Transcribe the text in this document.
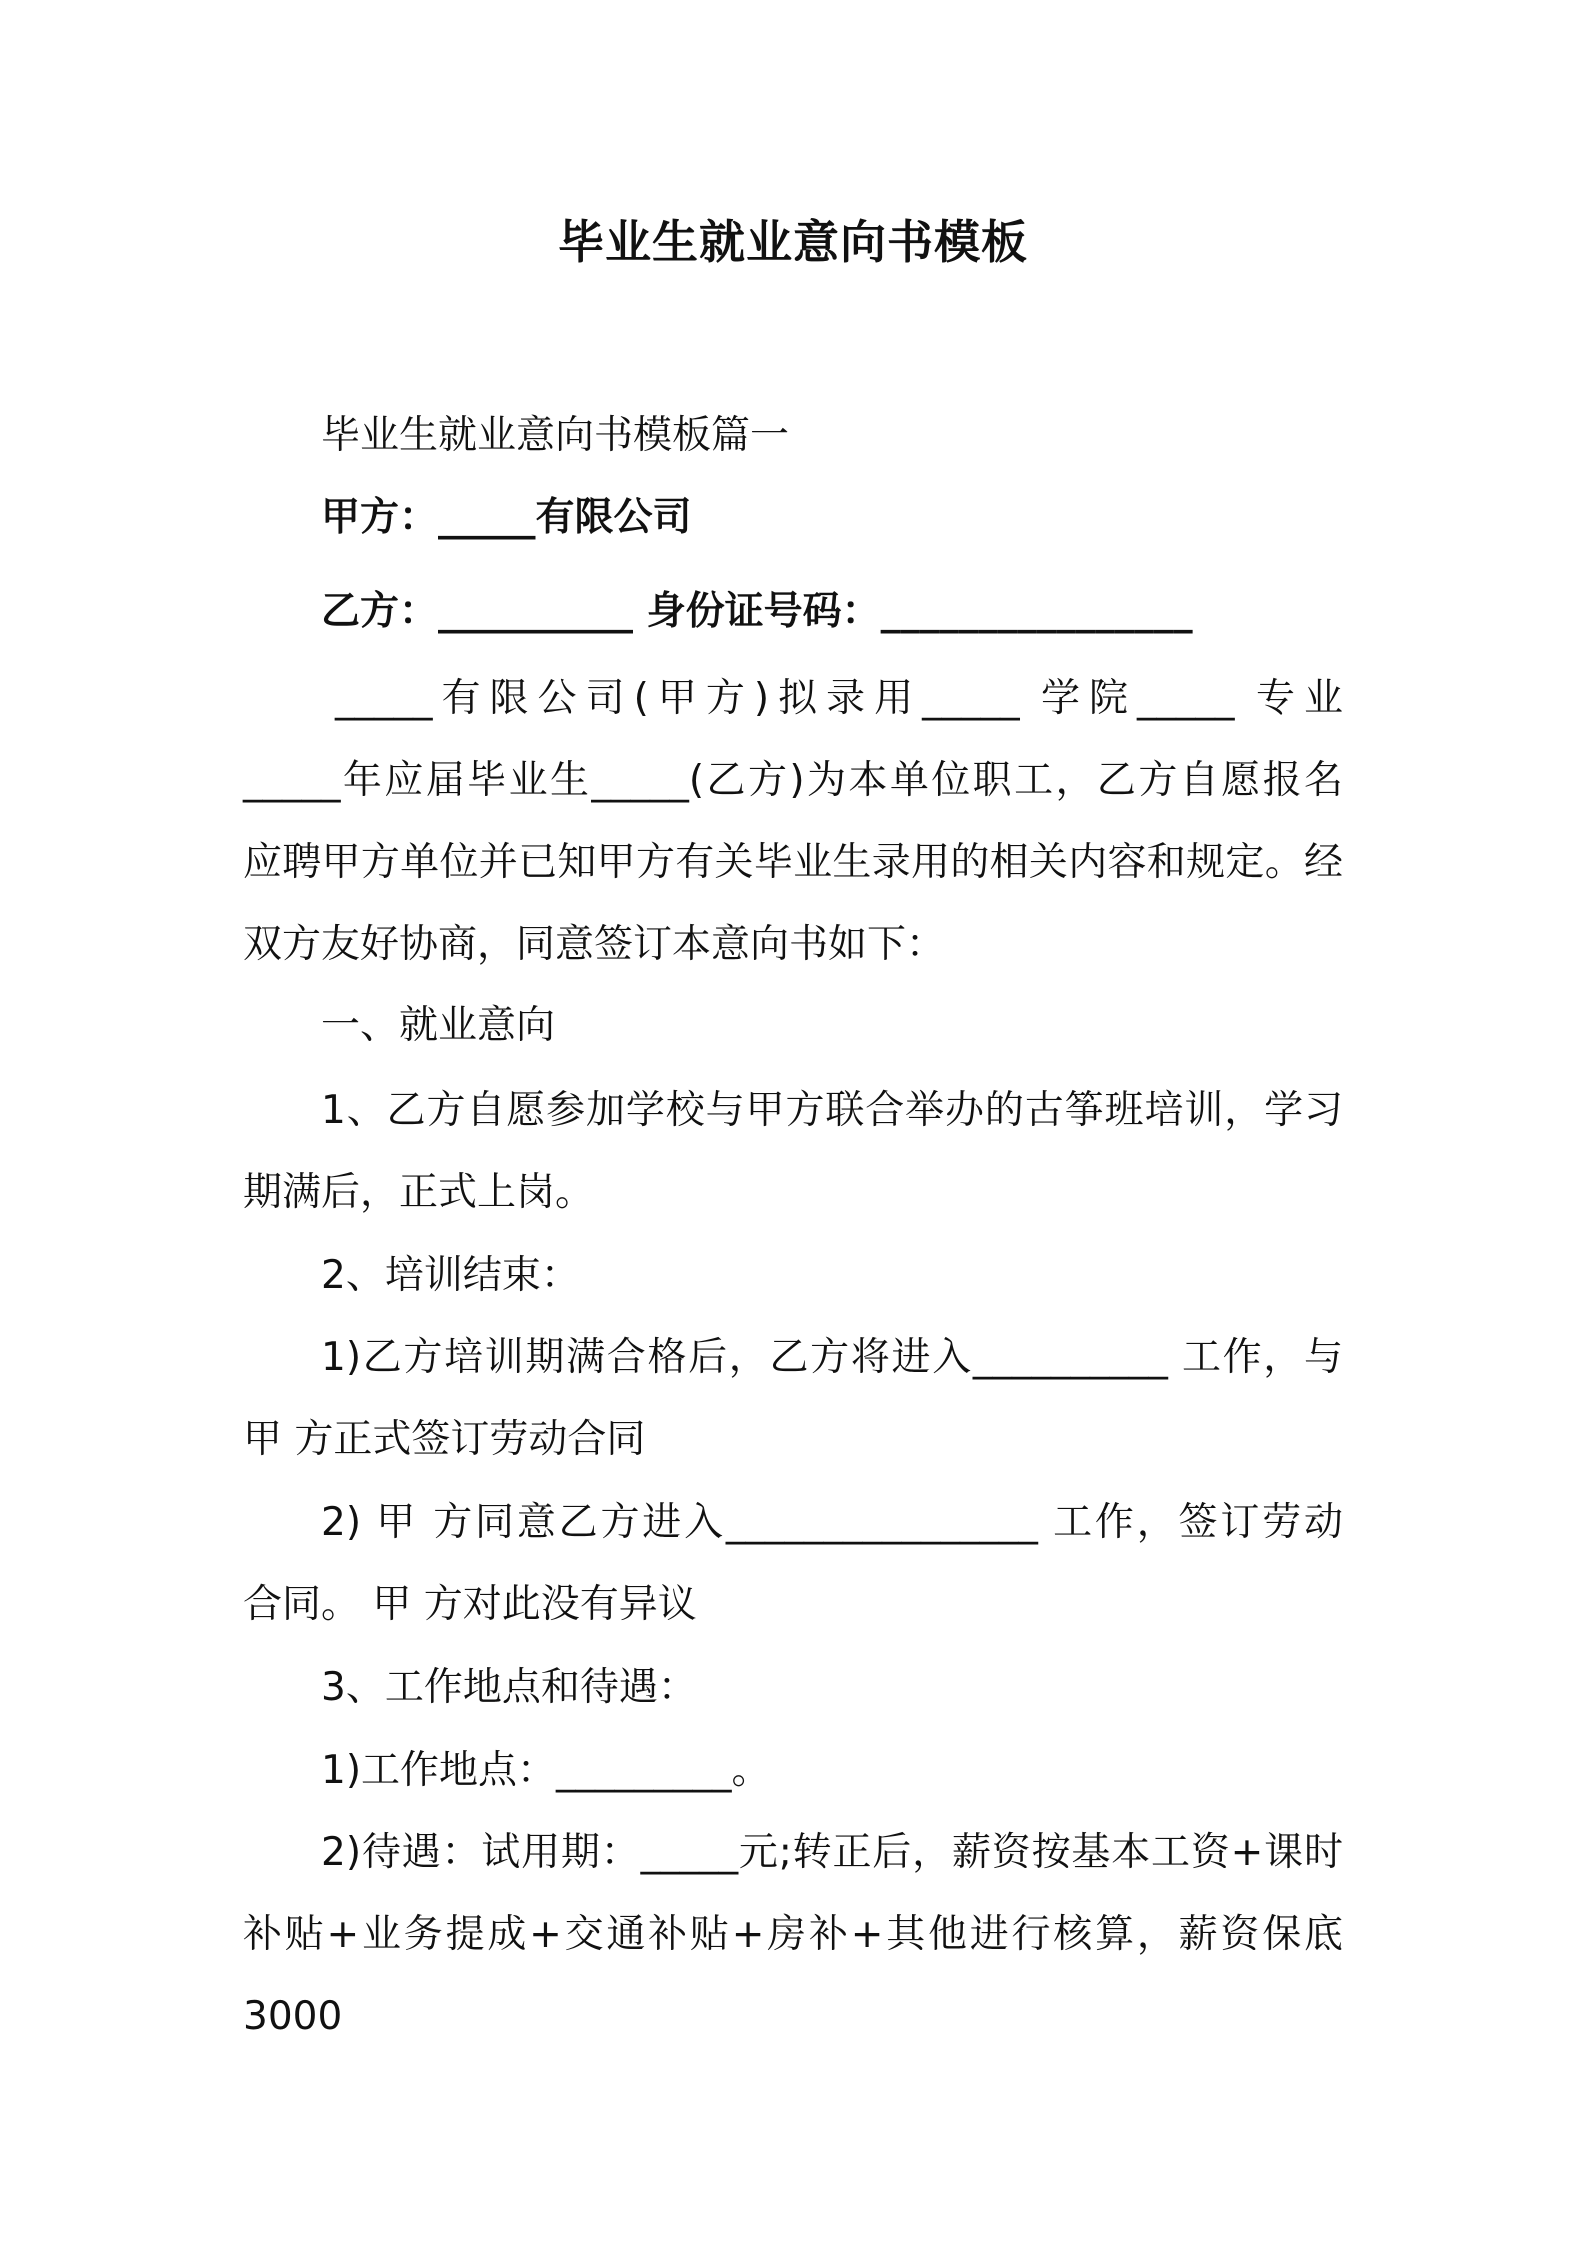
毕业生就业意向书模板
毕业生就业意向书模板篇一
甲方：_____有限公司
乙方：__________ 身份证号码：________________
_____有限公司(甲方)拟录用_____ 学院_____ 专业
_____年应届毕业生_____(乙方)为本单位职工，乙方自愿报名
应聘甲方单位并已知甲方有关毕业生录用的相关内容和规定。经
双方友好协商，同意签订本意向书如下：
一、就业意向
1、乙方自愿参加学校与甲方联合举办的古筝班培训，学习
期满后，正式上岗。
2、培训结束：
1)乙方培训期满合格后，乙方将进入__________ 工作，与
甲 方正式签订劳动合同
2) 甲 方同意乙方进入________________ 工作，签订劳动
合同。 甲 方对此没有异议
3、工作地点和待遇：
1)工作地点：_________。
2)待遇：试用期：_____元;转正后，薪资按基本工资+课时
补贴+业务提成+交通补贴+房补+其他进行核算，薪资保底 3000
